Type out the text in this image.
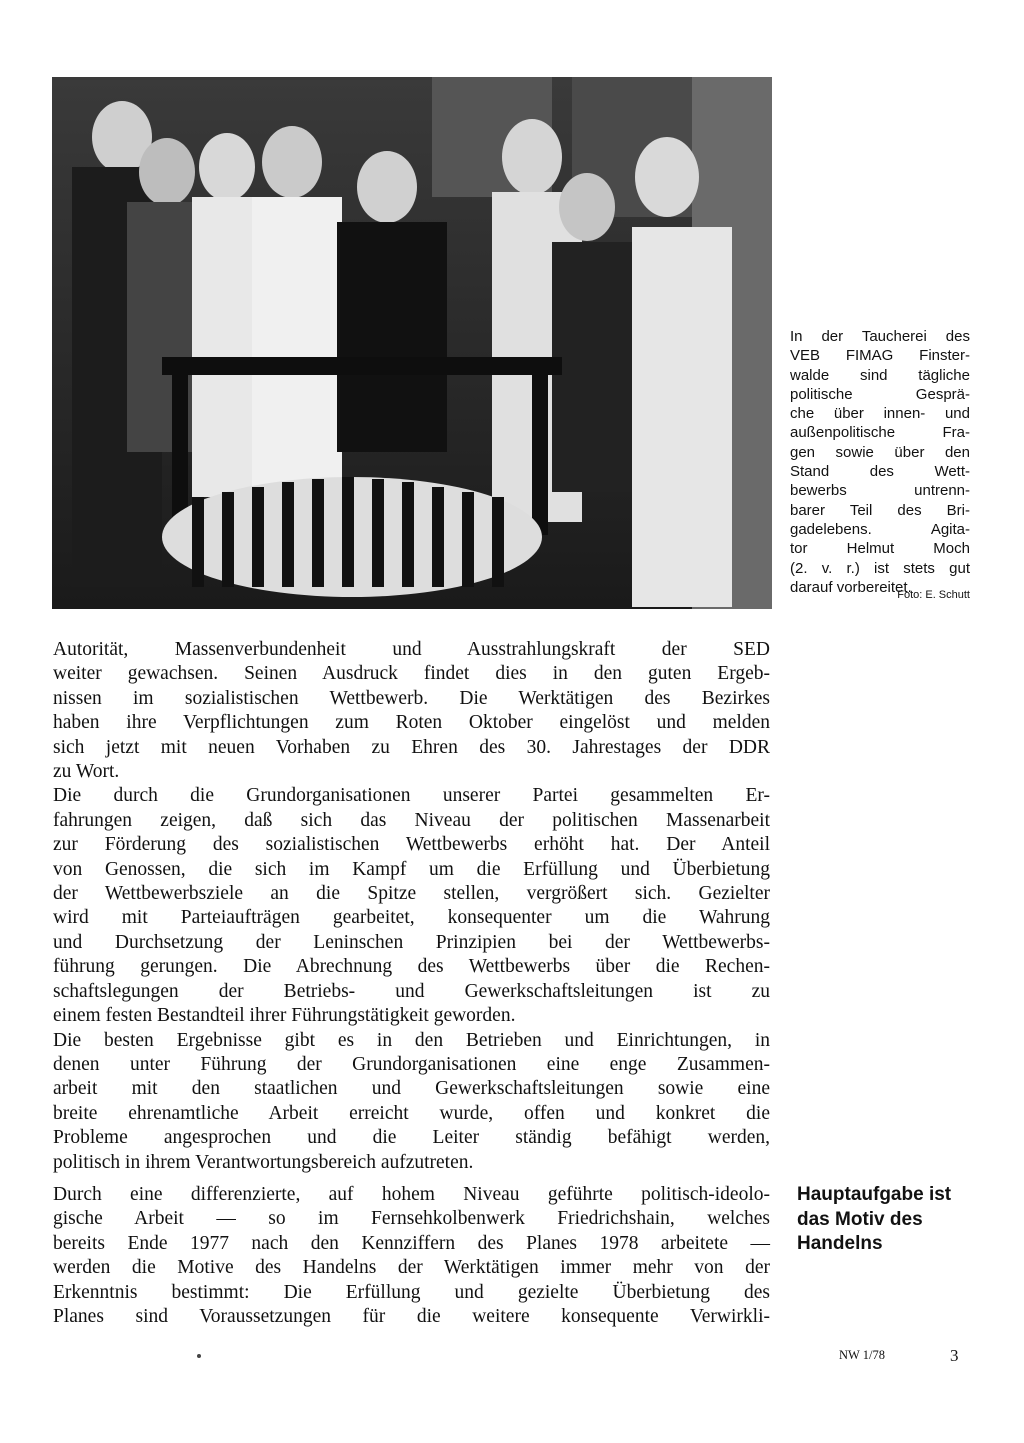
In der Taucherei des
VEB FIMAG Finster-
walde sind tägliche
politische Gesprä-
che über innen- und
außenpolitische Fra-
gen sowie über den
Stand des Wett-
bewerbs untrenn-
barer Teil des Bri-
gadelebens. Agita-
tor Helmut Moch
(2. v. r.) ist stets gut
darauf vorbereitet.
Foto: E. Schutt
Autorität, Massenverbundenheit und Ausstrahlungskraft der SED
weiter gewachsen. Seinen Ausdruck findet dies in den guten Ergeb-
nissen im sozialistischen Wettbewerb. Die Werktätigen des Bezirkes
haben ihre Verpflichtungen zum Roten Oktober eingelöst und melden
sich jetzt mit neuen Vorhaben zu Ehren des 30. Jahrestages der DDR
zu Wort.
Die durch die Grundorganisationen unserer Partei gesammelten Er-
fahrungen zeigen, daß sich das Niveau der politischen Massenarbeit
zur Förderung des sozialistischen Wettbewerbs erhöht hat. Der Anteil
von Genossen, die sich im Kampf um die Erfüllung und Überbietung
der Wettbewerbsziele an die Spitze stellen, vergrößert sich. Gezielter
wird mit Parteiaufträgen gearbeitet, konsequenter um die Wahrung
und Durchsetzung der Leninschen Prinzipien bei der Wettbewerbs-
führung gerungen. Die Abrechnung des Wettbewerbs über die Rechen-
schaftslegungen der Betriebs- und Gewerkschaftsleitungen ist zu
einem festen Bestandteil ihrer Führungstätigkeit geworden.
Die besten Ergebnisse gibt es in den Betrieben und Einrichtungen, in
denen unter Führung der Grundorganisationen eine enge Zusammen-
arbeit mit den staatlichen und Gewerkschaftsleitungen sowie eine
breite ehrenamtliche Arbeit erreicht wurde, offen und konkret die
Probleme angesprochen und die Leiter ständig befähigt werden,
politisch in ihrem Verantwortungsbereich aufzutreten.
Durch eine differenzierte, auf hohem Niveau geführte politisch-ideolo-
gische Arbeit — so im Fernsehkolbenwerk Friedrichshain, welches
bereits Ende 1977 nach den Kennziffern des Planes 1978 arbeitete —
werden die Motive des Handelns der Werktätigen immer mehr von der
Erkenntnis bestimmt: Die Erfüllung und gezielte Überbietung des
Planes sind Voraussetzungen für die weitere konsequente Verwirkli-
Hauptaufgabe ist
das Motiv des
Handelns
NW 1/78	3
